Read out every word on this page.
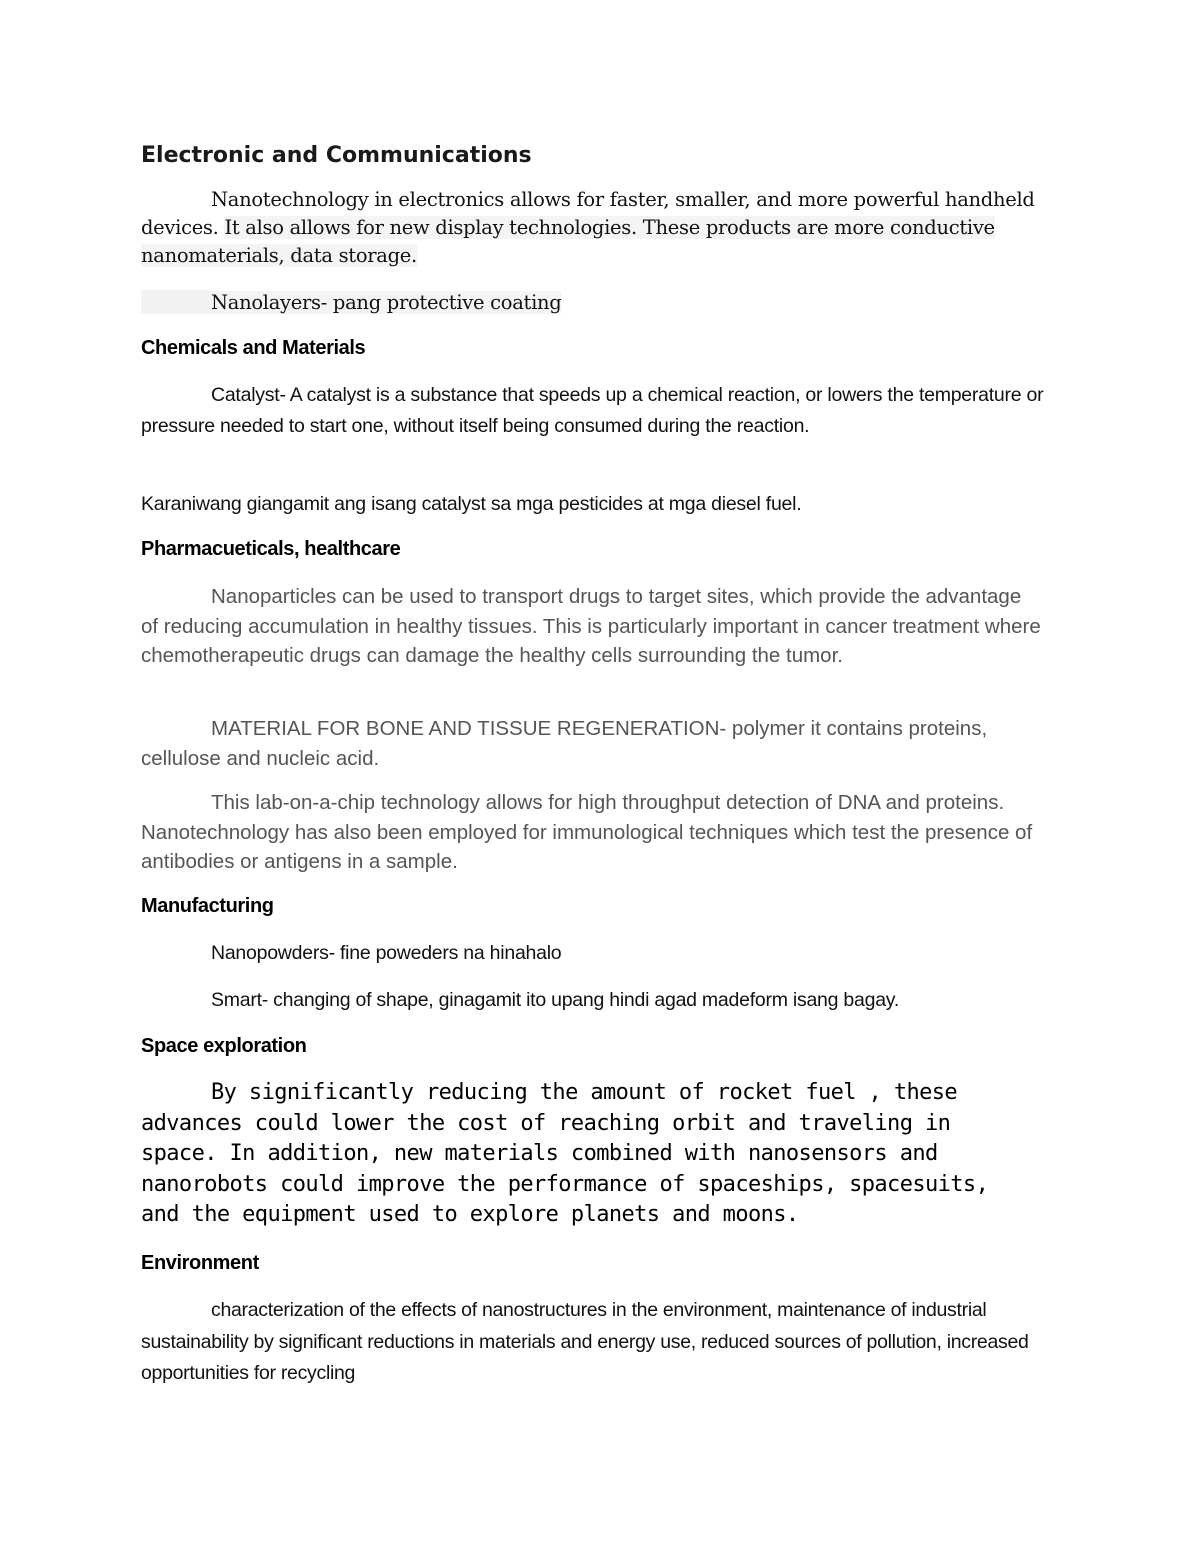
Electronic and Communications

Nanotechnology in electronics allows for faster, smaller, and more powerful handheld devices. It also allows for new display technologies. These products are more conductive nanomaterials, data storage.

Nanolayers- pang protective coating

Chemicals and Materials

Catalyst- A catalyst is a substance that speeds up a chemical reaction, or lowers the temperature or pressure needed to start one, without itself being consumed during the reaction.

Karaniwang giangamit ang isang catalyst sa mga pesticides at mga diesel fuel.

Pharmacueticals, healthcare

Nanoparticles can be used to transport drugs to target sites, which provide the advantage of reducing accumulation in healthy tissues. This is particularly important in cancer treatment where chemotherapeutic drugs can damage the healthy cells surrounding the tumor.

MATERIAL FOR BONE AND TISSUE REGENERATION- polymer it contains proteins, cellulose and nucleic acid.

This lab-on-a-chip technology allows for high throughput detection of DNA and proteins. Nanotechnology has also been employed for immunological techniques which test the presence of antibodies or antigens in a sample.

Manufacturing

Nanopowders- fine poweders na hinahalo

Smart- changing of shape, ginagamit ito upang hindi agad madeform isang bagay.

Space exploration

By significantly reducing the amount of rocket fuel , these advances could lower the cost of reaching orbit and traveling in space. In addition, new materials combined with nanosensors and nanorobots could improve the performance of spaceships, spacesuits, and the equipment used to explore planets and moons.

Environment

characterization of the effects of nanostructures in the environment, maintenance of industrial sustainability by significant reductions in materials and energy use, reduced sources of pollution, increased opportunities for recycling
